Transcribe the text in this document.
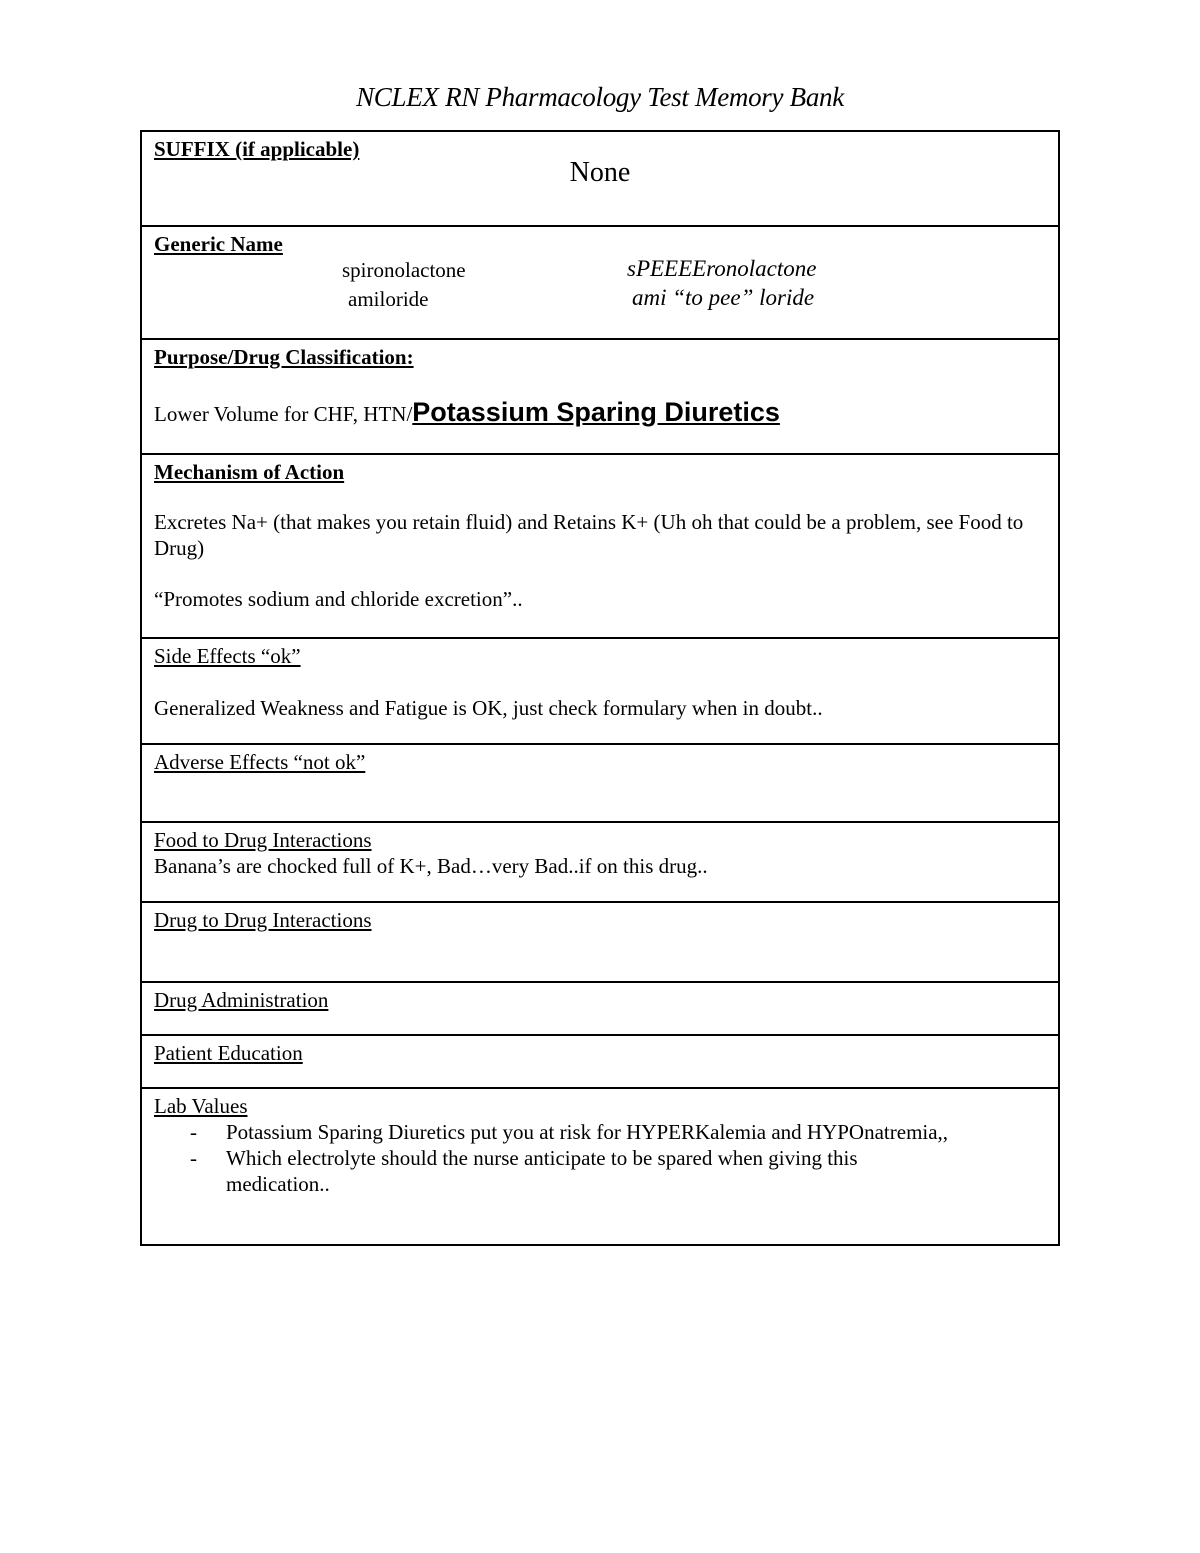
NCLEX RN Pharmacology Test Memory Bank
SUFFIX (if applicable)
None
Generic Name
spironolactone	sPEEEEronolactone
amiloride	ami “to pee” loride
Purpose/Drug Classification:

Lower Volume for CHF, HTN/Potassium Sparing Diuretics

Mechanism of Action

Excretes Na+ (that makes you retain fluid) and Retains K+ (Uh oh that could be a problem, see Food to Drug)

“Promotes sodium and chloride excretion”..

Side Effects “ok”

Generalized Weakness and Fatigue is OK, just check formulary when in doubt..

Adverse Effects “not ok”
Food to Drug Interactions

Banana’s are chocked full of K+, Bad…very Bad..if on this drug..

Drug to Drug Interactions
Drug Administration
Patient Education
Lab Values
- Potassium Sparing Diuretics put you at risk for HYPERKalemia and HYPOnatremia,,
- Which electrolyte should the nurse anticipate to be spared when giving this medication..
